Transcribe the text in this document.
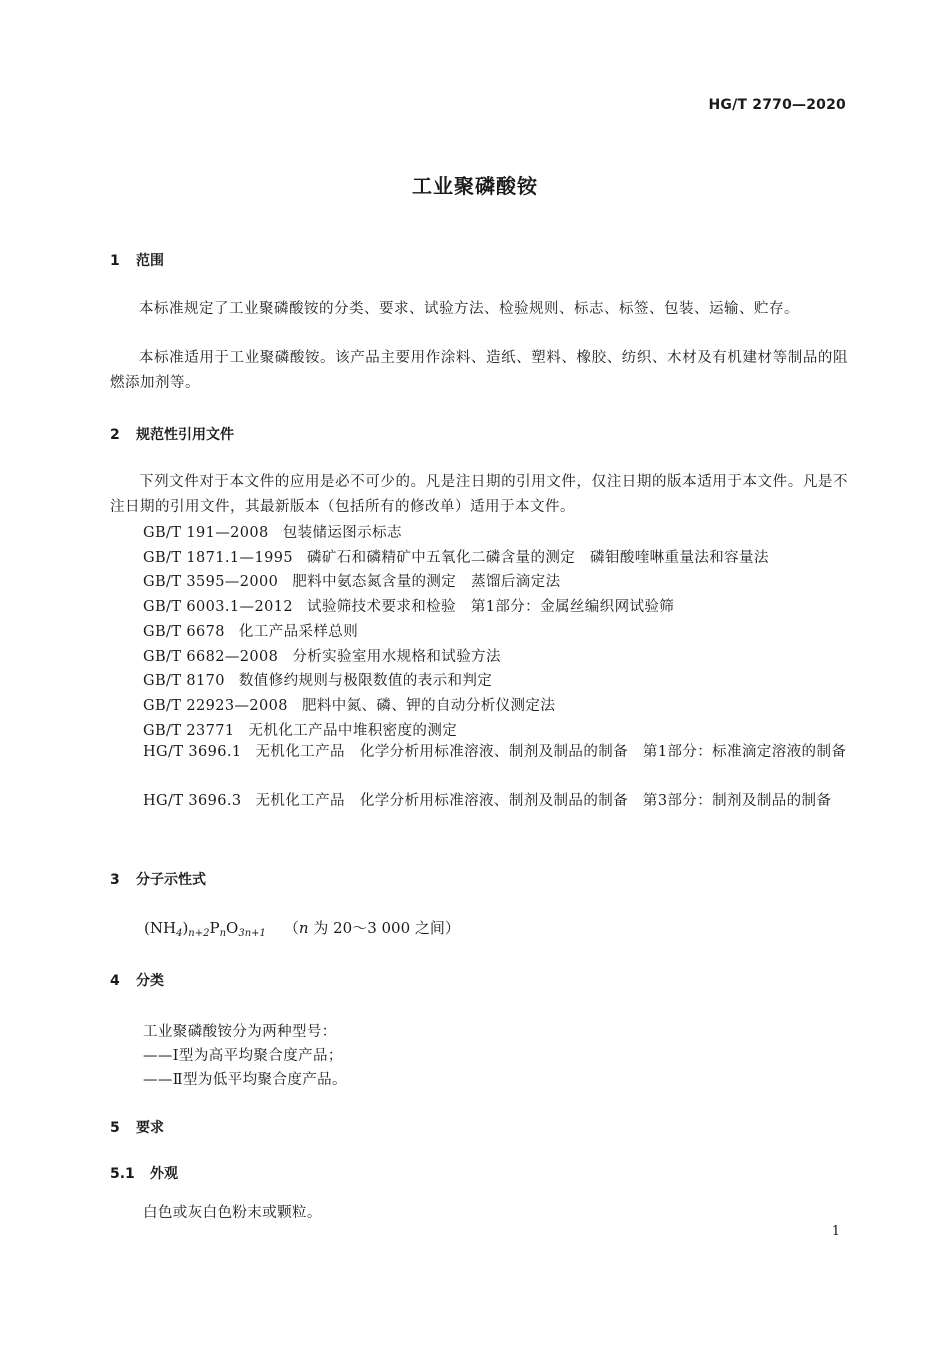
HG/T 2770—2020
工业聚磷酸铵
1 范围
本标准规定了工业聚磷酸铵的分类、要求、试验方法、检验规则、标志、标签、包装、运输、贮存。
本标准适用于工业聚磷酸铵。该产品主要用作涂料、造纸、塑料、橡胶、纺织、木材及有机建材等制品的阻燃添加剂等。
2 规范性引用文件
下列文件对于本文件的应用是必不可少的。凡是注日期的引用文件，仅注日期的版本适用于本文件。凡是不注日期的引用文件，其最新版本（包括所有的修改单）适用于本文件。
GB/T 191—2008 包装储运图示标志
GB/T 1871.1—1995 磷矿石和磷精矿中五氧化二磷含量的测定　磷钼酸喹啉重量法和容量法
GB/T 3595—2000 肥料中氨态氮含量的测定　蒸馏后滴定法
GB/T 6003.1—2012 试验筛技术要求和检验　第1部分：金属丝编织网试验筛
GB/T 6678 化工产品采样总则
GB/T 6682—2008 分析实验室用水规格和试验方法
GB/T 8170 数值修约规则与极限数值的表示和判定
GB/T 22923—2008 肥料中氮、磷、钾的自动分析仪测定法
GB/T 23771 无机化工产品中堆积密度的测定
HG/T 3696.1 无机化工产品　化学分析用标准溶液、制剂及制品的制备　第1部分：标准滴定溶液的制备
HG/T 3696.3 无机化工产品　化学分析用标准溶液、制剂及制品的制备　第3部分：制剂及制品的制备
3 分子示性式
$(NH_4)_{n+2}P_nO_{3n+1}$ （n 为 20～3 000 之间）
4 分类
工业聚磷酸铵分为两种型号：
——Ⅰ型为高平均聚合度产品；
——Ⅱ型为低平均聚合度产品。
5 要求
5.1 外观
白色或灰白色粉末或颗粒。
1
